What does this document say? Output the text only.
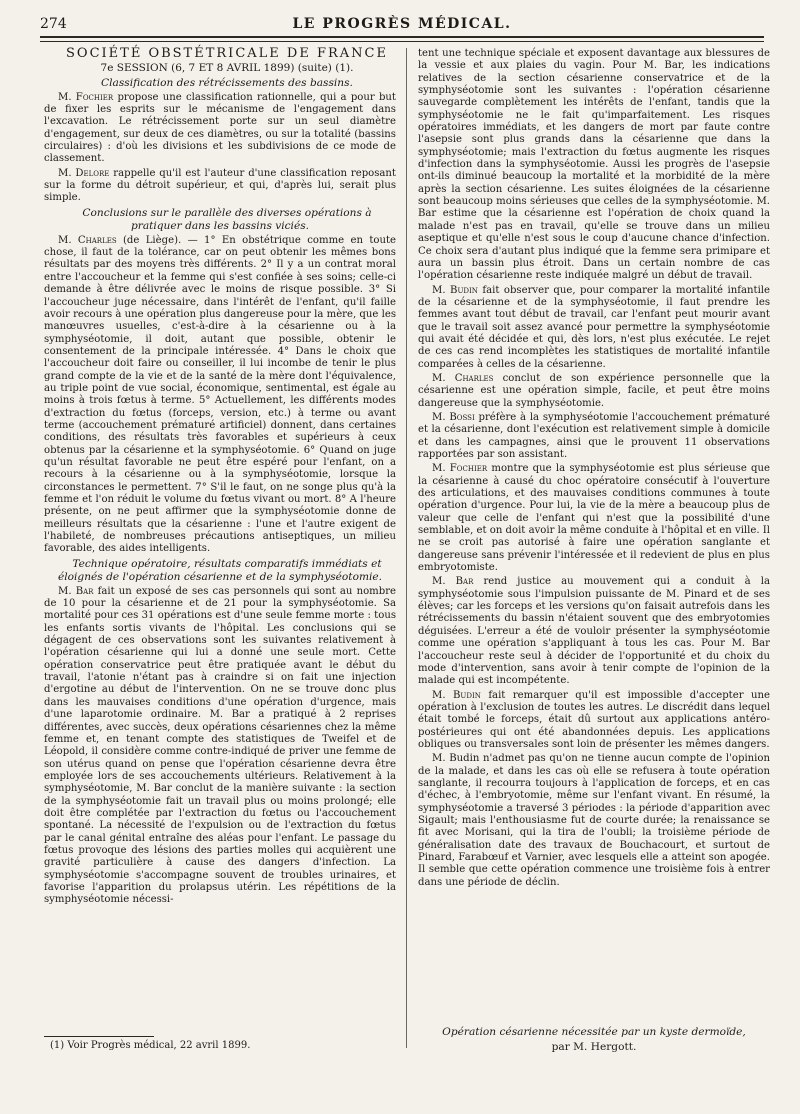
274	LE PROGRÈS MÉDICAL.

SOCIÉTÉ OBSTÉTRICALE DE FRANCE

7e SESSION (6, 7 ET 8 AVRIL 1899) (suite) (1).

Classification des rétrécissements des bassins.

M. Fochier propose une classification rationnelle, qui a pour but de fixer les esprits sur le mécanisme de l'engagement dans l'excavation. Le rétrécissement porte sur un seul diamètre d'engagement, sur deux de ces diamètres, ou sur la totalité (bassins circulaires) : d'où les divisions et les subdivisions de ce mode de classement.

M. Delore rappelle qu'il est l'auteur d'une classification reposant sur la forme du détroit supérieur, et qui, d'après lui, serait plus simple.

Conclusions sur le parallèle des diverses opérations à pratiquer dans les bassins viciés.

M. Charles (de Liège). — 1° En obstétrique comme en toute chose, il faut de la tolérance, car on peut obtenir les mêmes bons résultats par des moyens très différents. 2° Il y a un contrat moral entre l'accoucheur et la femme qui s'est confiée à ses soins; celle-ci demande à être délivrée avec le moins de risque possible. 3° Si l'accoucheur juge nécessaire, dans l'intérêt de l'enfant, qu'il faille avoir recours à une opération plus dangereuse pour la mère, que les manœuvres usuelles, c'est-à-dire à la césarienne ou à la symphyséotomie, il doit, autant que possible, obtenir le consentement de la principale intéressée. 4° Dans le choix que l'accoucheur doit faire ou conseiller, il lui incombe de tenir le plus grand compte de la vie et de la santé de la mère dont l'équivalence, au triple point de vue social, économique, sentimental, est égale au moins à trois fœtus à terme. 5° Actuellement, les différents modes d'extraction du fœtus (forceps, version, etc.) à terme ou avant terme (accouchement prématuré artificiel) donnent, dans certaines conditions, des résultats très favorables et supérieurs à ceux obtenus par la césarienne et la symphyséotomie. 6° Quand on juge qu'un résultat favorable ne peut être espéré pour l'enfant, on a recours à la césarienne ou à la symphyséotomie, lorsque la circonstances le permettent. 7° S'il le faut, on ne songe plus qu'à la femme et l'on réduit le volume du fœtus vivant ou mort. 8° A l'heure présente, on ne peut affirmer que la symphyséotomie donne de meilleurs résultats que la césarienne : l'une et l'autre exigent de l'habileté, de nombreuses précautions antiseptiques, un milieu favorable, des aides intelligents.

Technique opératoire, résultats comparatifs immédiats et éloignés de l'opération césarienne et de la symphyséotomie.

M. Bar fait un exposé de ses cas personnels qui sont au nombre de 10 pour la césarienne et de 21 pour la symphyséotomie. Sa mortalité pour ces 31 opérations est d'une seule femme morte : tous les enfants sortis vivants de l'hôpital. Les conclusions qui se dégagent de ces observations sont les suivantes relativement à l'opération césarienne qui lui a donné une seule mort. Cette opération conservatrice peut être pratiquée avant le début du travail, l'atonie n'étant pas à craindre si on fait une injection d'ergotine au début de l'intervention. On ne se trouve donc plus dans les mauvaises conditions d'une opération d'urgence, mais d'une laparotomie ordinaire. M. Bar a pratiqué à 2 reprises différentes, avec succès, deux opérations césariennes chez la même femme et, en tenant compte des statistiques de Tweifel et de Léopold, il considère comme contre-indiqué de priver une femme de son utérus quand on pense que l'opération césarienne devra être employée lors de ses accouchements ultérieurs. Relativement à la symphyséotomie, M. Bar conclut de la manière suivante : la section de la symphyséotomie fait un travail plus ou moins prolongé; elle doit être complétée par l'extraction du fœtus ou l'accouchement spontané. La nécessité de l'expulsion ou de l'extraction du fœtus par le canal génital entraîne des aléas pour l'enfant. Le passage du fœtus provoque des lésions des parties molles qui acquièrent une gravité particulière à cause des dangers d'infection. La symphyséotomie s'accompagne souvent de troubles urinaires, et favorise l'apparition du prolapsus utérin. Les répétitions de la symphyséotomie nécessi-

tent une technique spéciale et exposent davantage aux blessures de la vessie et aux plaies du vagin. Pour M. Bar, les indications relatives de la section césarienne conservatrice et de la symphyséotomie sont les suivantes : l'opération césarienne sauvegarde complètement les intérêts de l'enfant, tandis que la symphyséotomie ne le fait qu'imparfaitement. Les risques opératoires immédiats, et les dangers de mort par faute contre l'asepsie sont plus grands dans la césarienne que dans la symphyséotomie; mais l'extraction du fœtus augmente les risques d'infection dans la symphyséotomie. Aussi les progrès de l'asepsie ont-ils diminué beaucoup la mortalité et la morbidité de la mère après la section césarienne. Les suites éloignées de la césarienne sont beaucoup moins sérieuses que celles de la symphyséotomie. M. Bar estime que la césarienne est l'opération de choix quand la malade n'est pas en travail, qu'elle se trouve dans un milieu aseptique et qu'elle n'est sous le coup d'aucune chance d'infection. Ce choix sera d'autant plus indiqué que la femme sera primipare et aura un bassin plus étroit. Dans un certain nombre de cas l'opération césarienne reste indiquée malgré un début de travail.

M. Budin fait observer que, pour comparer la mortalité infantile de la césarienne et de la symphyséotomie, il faut prendre les femmes avant tout début de travail, car l'enfant peut mourir avant que le travail soit assez avancé pour permettre la symphyséotomie qui avait été décidée et qui, dès lors, n'est plus exécutée. Le rejet de ces cas rend incomplètes les statistiques de mortalité infantile comparées à celles de la césarienne.

M. Charles conclut de son expérience personnelle que la césarienne est une opération simple, facile, et peut être moins dangereuse que la symphyséotomie.

M. Bossi préfère à la symphyséotomie l'accouchement prématuré et la césarienne, dont l'exécution est relativement simple à domicile et dans les campagnes, ainsi que le prouvent 11 observations rapportées par son assistant.

M. Fochier montre que la symphyséotomie est plus sérieuse que la césarienne à causé du choc opératoire consécutif à l'ouverture des articulations, et des mauvaises conditions communes à toute opération d'urgence. Pour lui, la vie de la mère a beaucoup plus de valeur que celle de l'enfant qui n'est que la possibilité d'une semblable, et on doit avoir la même conduite à l'hôpital et en ville. Il ne se croit pas autorisé à faire une opération sanglante et dangereuse sans prévenir l'intéressée et il redevient de plus en plus embryotomiste.

M. Bar rend justice au mouvement qui a conduit à la symphyséotomie sous l'impulsion puissante de M. Pinard et de ses élèves; car les forceps et les versions qu'on faisait autrefois dans les rétrécissements du bassin n'étaient souvent que des embryotomies déguisées. L'erreur a été de vouloir présenter la symphyséotomie comme une opération s'appliquant à tous les cas. Pour M. Bar l'accoucheur reste seul à décider de l'opportunité et du choix du mode d'intervention, sans avoir à tenir compte de l'opinion de la malade qui est incompétente.

M. Budin fait remarquer qu'il est impossible d'accepter une opération à l'exclusion de toutes les autres. Le discrédit dans lequel était tombé le forceps, était dû surtout aux applications antéro-postérieures qui ont été abandonnées depuis. Les applications obliques ou transversales sont loin de présenter les mêmes dangers.

M. Budin n'admet pas qu'on ne tienne aucun compte de l'opinion de la malade, et dans les cas où elle se refusera à toute opération sanglante, il recourra toujours à l'application de forceps, et en cas d'échec, à l'embryotomie, même sur l'enfant vivant. En résumé, la symphyséotomie a traversé 3 périodes : la période d'apparition avec Sigault; mais l'enthousiasme fut de courte durée; la renaissance se fit avec Morisani, qui la tira de l'oubli; la troisième période de généralisation date des travaux de Bouchacourt, et surtout de Pinard, Farabœuf et Varnier, avec lesquels elle a atteint son apogée. Il semble que cette opération commence une troisième fois à entrer dans une période de déclin.

Opération césarienne nécessitée par un kyste dermoïde,
par M. Hergott.
(1) Voir Progrès médical, 22 avril 1899.
